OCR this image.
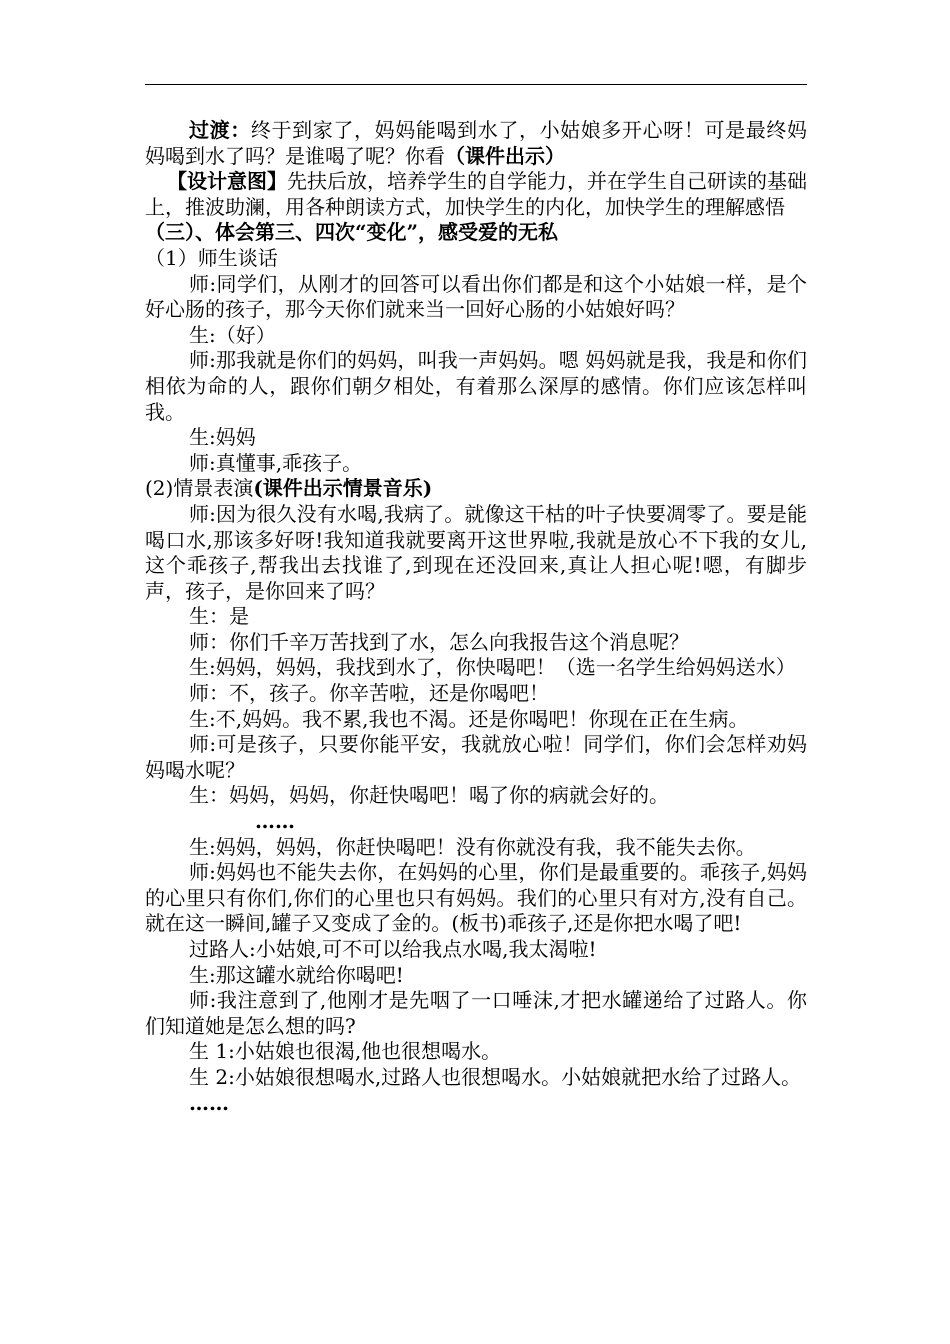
过渡：终于到家了，妈妈能喝到水了，小姑娘多开心呀！可是最终妈妈喝到水了吗？是谁喝了呢？你看（课件出示）

【设计意图】先扶后放，培养学生的自学能力，并在学生自己研读的基础上，推波助澜，用各种朗读方式，加快学生的内化，加快学生的理解感悟

（三）、体会第三、四次“变化”，感受爱的无私

（1）师生谈话

师:同学们，从刚才的回答可以看出你们都是和这个小姑娘一样，是个好心肠的孩子，那今天你们就来当一回好心肠的小姑娘好吗？

生:（好）

师:那我就是你们的妈妈，叫我一声妈妈。嗯 妈妈就是我，我是和你们相依为命的人，跟你们朝夕相处，有着那么深厚的感情。你们应该怎样叫我。

生:妈妈

师:真懂事,乖孩子。

(2)情景表演(课件出示情景音乐)

师:因为很久没有水喝,我病了。就像这干枯的叶子快要凋零了。要是能喝口水,那该多好呀!我知道我就要离开这世界啦,我就是放心不下我的女儿,这个乖孩子,帮我出去找谁了,到现在还没回来,真让人担心呢!嗯，有脚步声，孩子，是你回来了吗？

生：是

师：你们千辛万苦找到了水，怎么向我报告这个消息呢？

生:妈妈，妈妈，我找到水了，你快喝吧！（选一名学生给妈妈送水）

师：不，孩子。你辛苦啦，还是你喝吧！

生:不,妈妈。我不累,我也不渴。还是你喝吧！你现在正在生病。

师:可是孩子，只要你能平安，我就放心啦！同学们，你们会怎样劝妈妈喝水呢？

生：妈妈，妈妈，你赶快喝吧！喝了你的病就会好的。

……

生:妈妈，妈妈，你赶快喝吧！没有你就没有我，我不能失去你。

师:妈妈也不能失去你，在妈妈的心里，你们是最重要的。乖孩子,妈妈的心里只有你们,你们的心里也只有妈妈。我们的心里只有对方,没有自己。就在这一瞬间,罐子又变成了金的。(板书)乖孩子,还是你把水喝了吧!

过路人:小姑娘,可不可以给我点水喝,我太渴啦!

生:那这罐水就给你喝吧!

师:我注意到了,他刚才是先咽了一口唾沫,才把水罐递给了过路人。你们知道她是怎么想的吗?

生 1:小姑娘也很渴,他也很想喝水。

生 2:小姑娘很想喝水,过路人也很想喝水。小姑娘就把水给了过路人。

……
